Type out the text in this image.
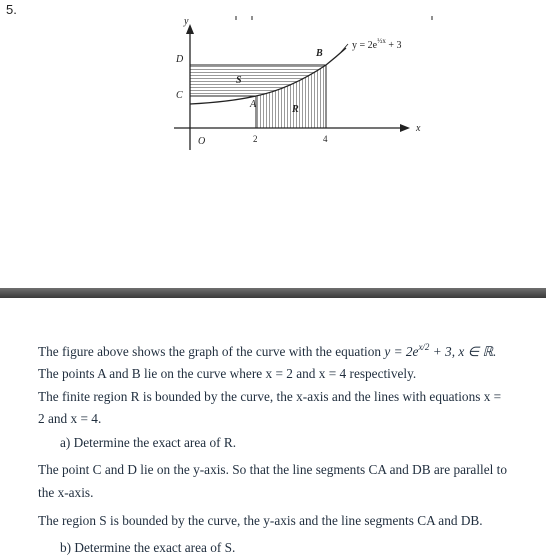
5.
y
x
O	2	4
D
C
A
B
S
R
$y = 2e^{\frac{1}{2}x} + 3$

The figure above shows the graph of the curve with the equation $y = 2e^{x/2} + 3$, x ∈ ℝ.

The points A and B lie on the curve where x = 2 and x = 4 respectively.

The finite region R is bounded by the curve, the x-axis and the lines with equations x =

2 and x = 4.

a) Determine the exact area of R.

The point C and D lie on the y-axis. So that the line segments CA and DB are parallel to

the x-axis.

The region S is bounded by the curve, the y-axis and the line segments CA and DB.

b) Determine the exact area of S.
